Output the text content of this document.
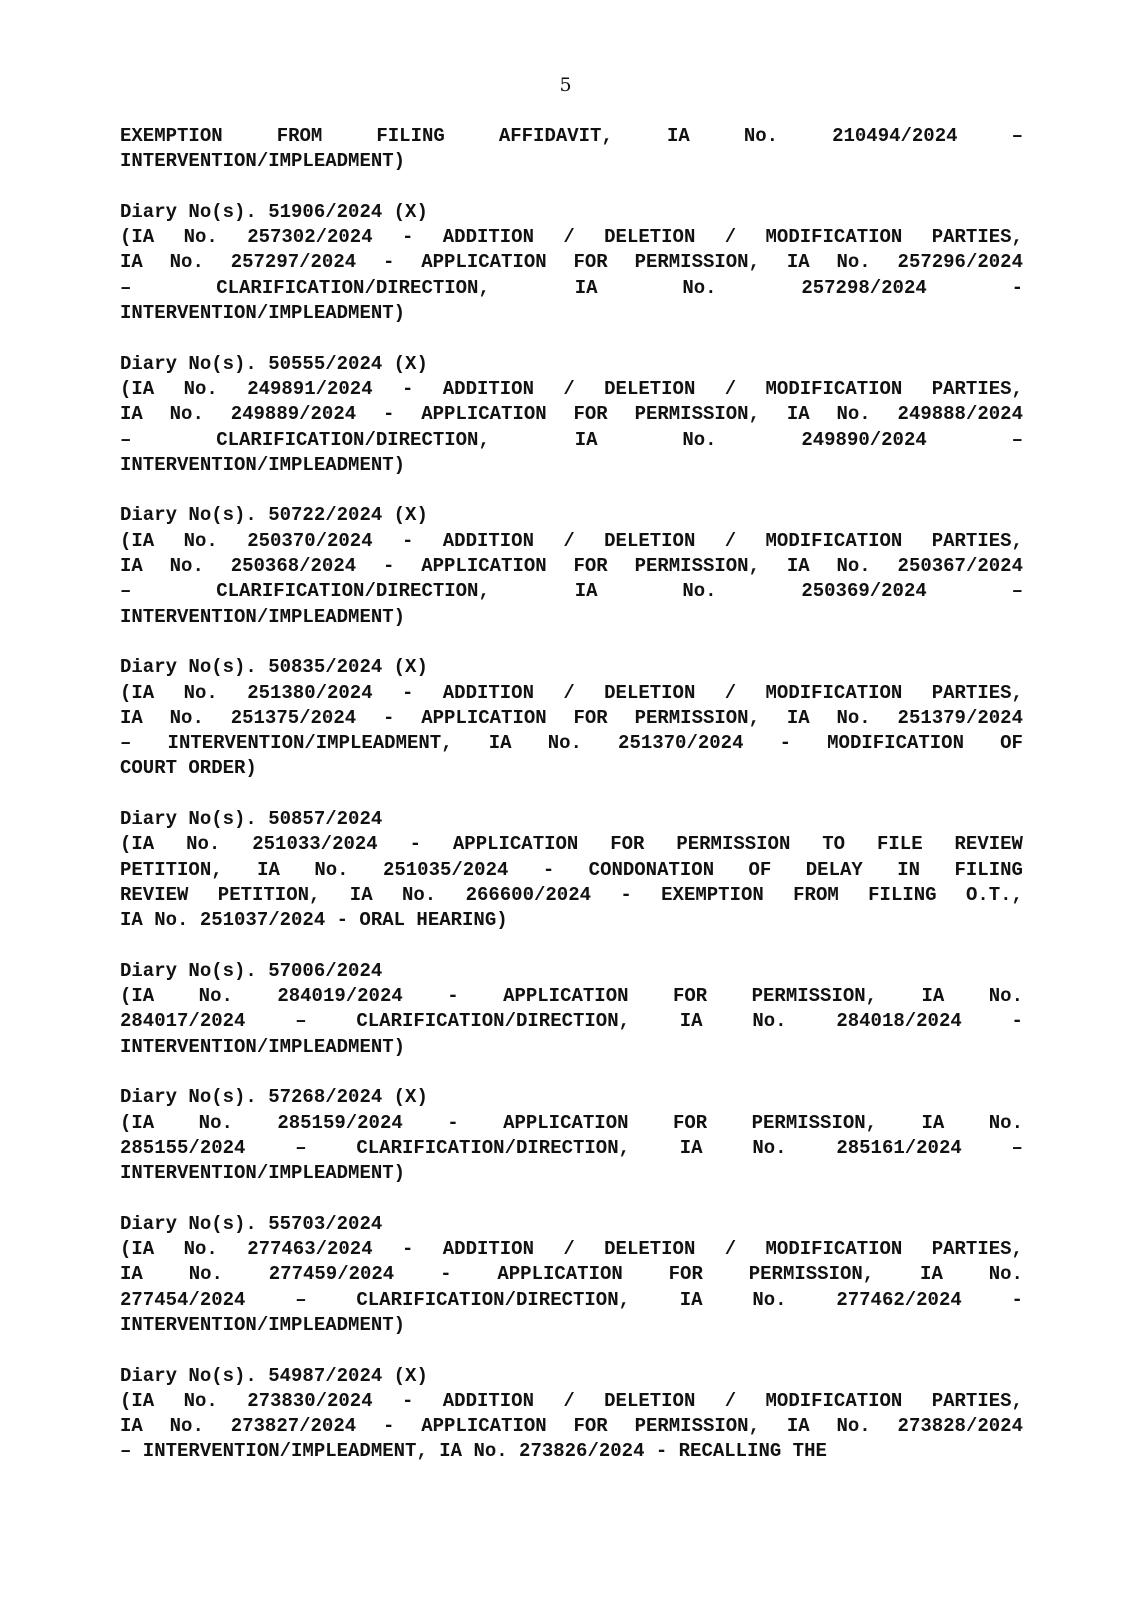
5
EXEMPTION	FROM	FILING	AFFIDAVIT,	IA	No.	210494/2024	–
INTERVENTION/IMPLEADMENT)
Diary No(s). 51906/2024 (X)
(IA No. 257302/2024 - ADDITION / DELETION / MODIFICATION PARTIES,
IA No. 257297/2024 - APPLICATION FOR PERMISSION, IA No. 257296/2024
–	CLARIFICATION/DIRECTION,	IA	No.	257298/2024	-
INTERVENTION/IMPLEADMENT)
Diary No(s). 50555/2024 (X)
(IA No. 249891/2024 - ADDITION / DELETION / MODIFICATION PARTIES,
IA No. 249889/2024 - APPLICATION FOR PERMISSION, IA No. 249888/2024
–	CLARIFICATION/DIRECTION,	IA	No.	249890/2024	–
INTERVENTION/IMPLEADMENT)
Diary No(s). 50722/2024 (X)
(IA No. 250370/2024 - ADDITION / DELETION / MODIFICATION PARTIES,
IA No. 250368/2024 - APPLICATION FOR PERMISSION, IA No. 250367/2024
–	CLARIFICATION/DIRECTION,	IA	No.	250369/2024	–
INTERVENTION/IMPLEADMENT)
Diary No(s). 50835/2024 (X)
(IA No. 251380/2024 - ADDITION / DELETION / MODIFICATION PARTIES,
IA No. 251375/2024 - APPLICATION FOR PERMISSION, IA No. 251379/2024
– INTERVENTION/IMPLEADMENT, IA No. 251370/2024 - MODIFICATION OF
COURT ORDER)
Diary No(s). 50857/2024
(IA No. 251033/2024 - APPLICATION FOR PERMISSION TO FILE REVIEW
PETITION, IA No. 251035/2024 - CONDONATION OF DELAY IN FILING
REVIEW PETITION, IA No. 266600/2024 - EXEMPTION FROM FILING O.T.,
IA No. 251037/2024 - ORAL HEARING)
Diary No(s). 57006/2024
(IA No. 284019/2024 - APPLICATION FOR PERMISSION, IA No.
284017/2024	–	CLARIFICATION/DIRECTION,	IA	No.	284018/2024	-
INTERVENTION/IMPLEADMENT)
Diary No(s). 57268/2024 (X)
(IA No. 285159/2024 - APPLICATION FOR PERMISSION, IA No.
285155/2024	–	CLARIFICATION/DIRECTION,	IA	No.	285161/2024	–
INTERVENTION/IMPLEADMENT)
Diary No(s). 55703/2024
(IA No. 277463/2024 - ADDITION / DELETION / MODIFICATION PARTIES,
IA No. 277459/2024 - APPLICATION FOR PERMISSION, IA No.
277454/2024	–	CLARIFICATION/DIRECTION,	IA	No.	277462/2024	-
INTERVENTION/IMPLEADMENT)
Diary No(s). 54987/2024 (X)
(IA No. 273830/2024 - ADDITION / DELETION / MODIFICATION PARTIES,
IA No. 273827/2024 - APPLICATION FOR PERMISSION, IA No. 273828/2024
– INTERVENTION/IMPLEADMENT, IA No. 273826/2024 - RECALLING THE
